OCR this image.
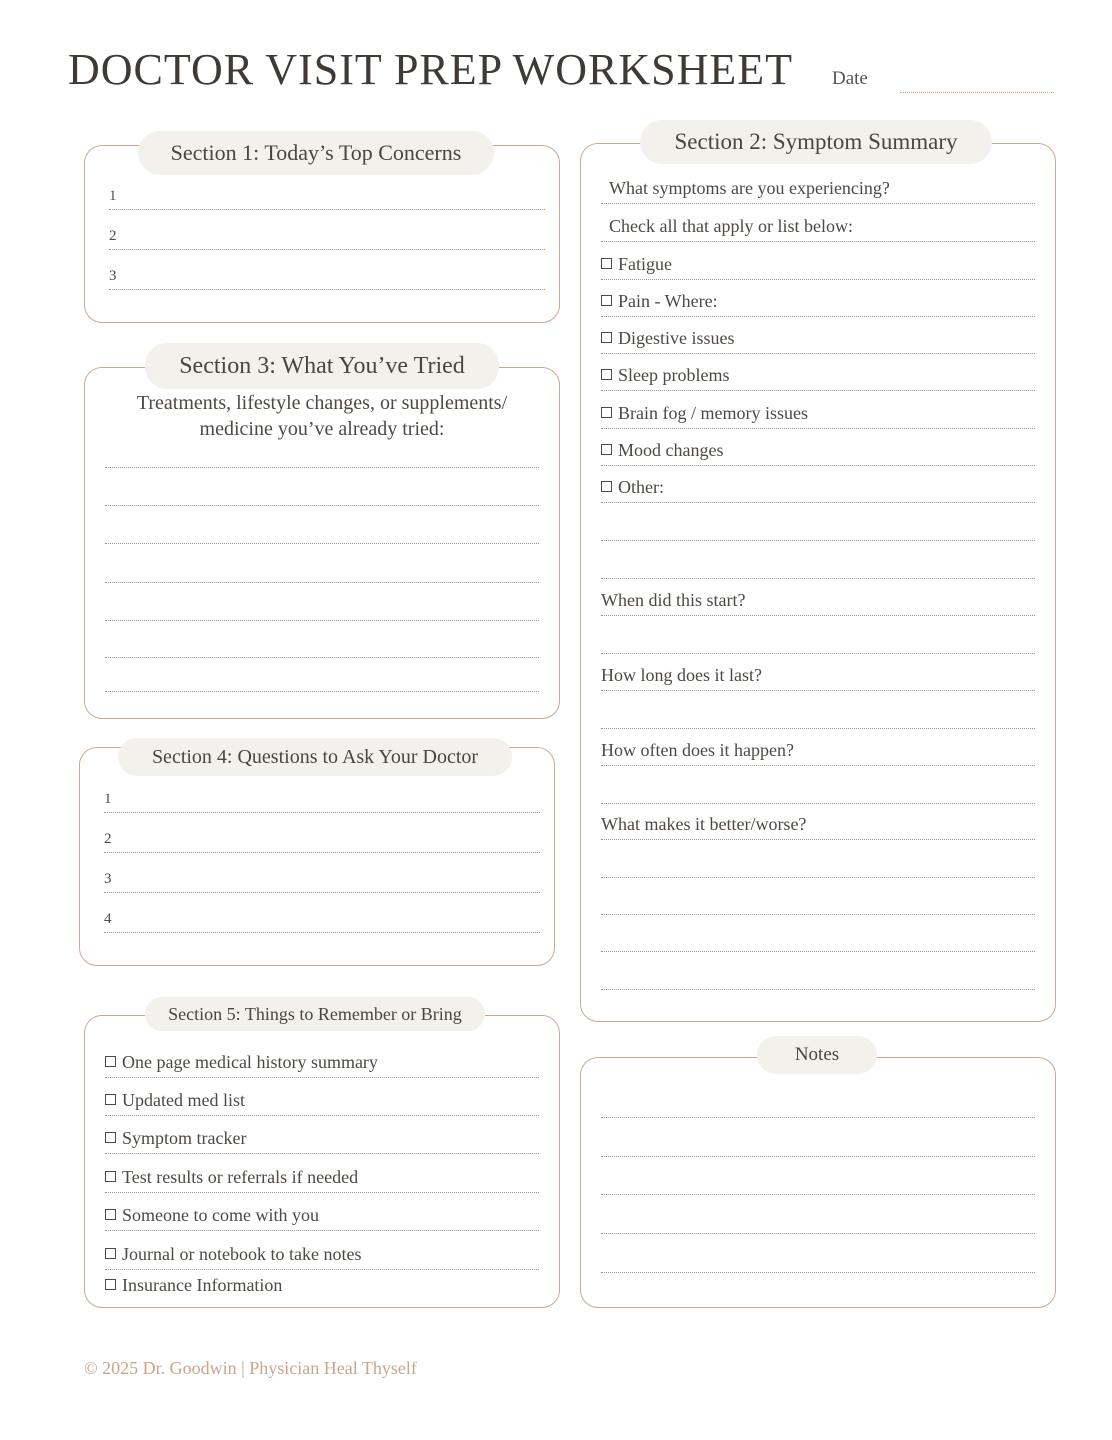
DOCTOR VISIT PREP WORKSHEET Date
1
2
3
Section 1: Today’s Top Concerns
Treatments, lifestyle changes, or supplements/
medicine you’ve already tried:
Section 3: What You’ve Tried
1
2
3
4
Section 4: Questions to Ask Your Doctor
One page medical history summary
Updated med list
Symptom tracker
Test results or referrals if needed
Someone to come with you
Journal or notebook to take notes
Insurance Information
Section 5: Things to Remember or Bring
What symptoms are you experiencing?
Check all that apply or list below:
Fatigue
Pain - Where:
Digestive issues
Sleep problems
Brain fog / memory issues
Mood changes
Other:
When did this start?
How long does it last?
How often does it happen?
What makes it better/worse?
Section 2: Symptom Summary
Notes
© 2025 Dr. Goodwin | Physician Heal Thyself
